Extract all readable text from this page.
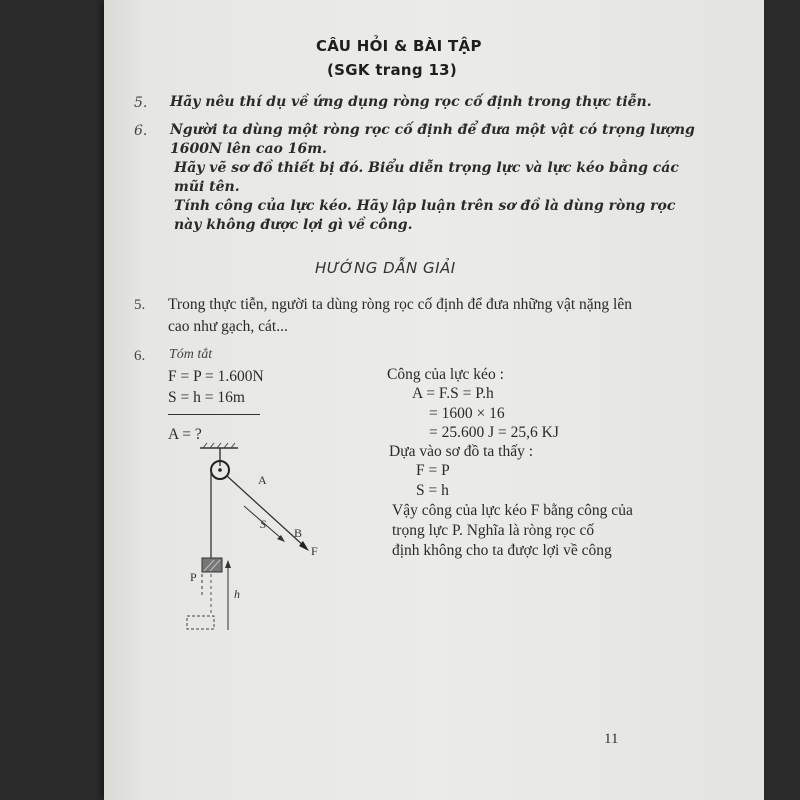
CÂU HỎI & BÀI TẬP
(SGK trang 13)
5. Hãy nêu thí dụ về ứng dụng ròng rọc cố định trong thực tiễn.
6. Người ta dùng một ròng rọc cố định để đưa một vật có trọng lượng
1600N lên cao 16m.
Hãy vẽ sơ đồ thiết bị đó. Biểu diễn trọng lực và lực kéo bằng các
mũi tên.
Tính công của lực kéo. Hãy lập luận trên sơ đồ là dùng ròng rọc
này không được lợi gì về công.
HƯỚNG DẪN GIẢI
5. Trong thực tiễn, người ta dùng ròng rọc cố định để đưa những vật nặng lên
cao như gạch, cát...
6. Tóm tắt
F = P = 1.600N
S = h = 16m
A = ?
Công của lực kéo :
A = F.S = P.h
= 1600 × 16
= 25.600 J = 25,6 KJ
Dựa vào sơ đồ ta thấy :
F = P
S = h
Vậy công của lực kéo F bằng công của
trọng lực P. Nghĩa là ròng rọc cố
định không cho ta được lợi về công
A
S
B
F
P
h
11
